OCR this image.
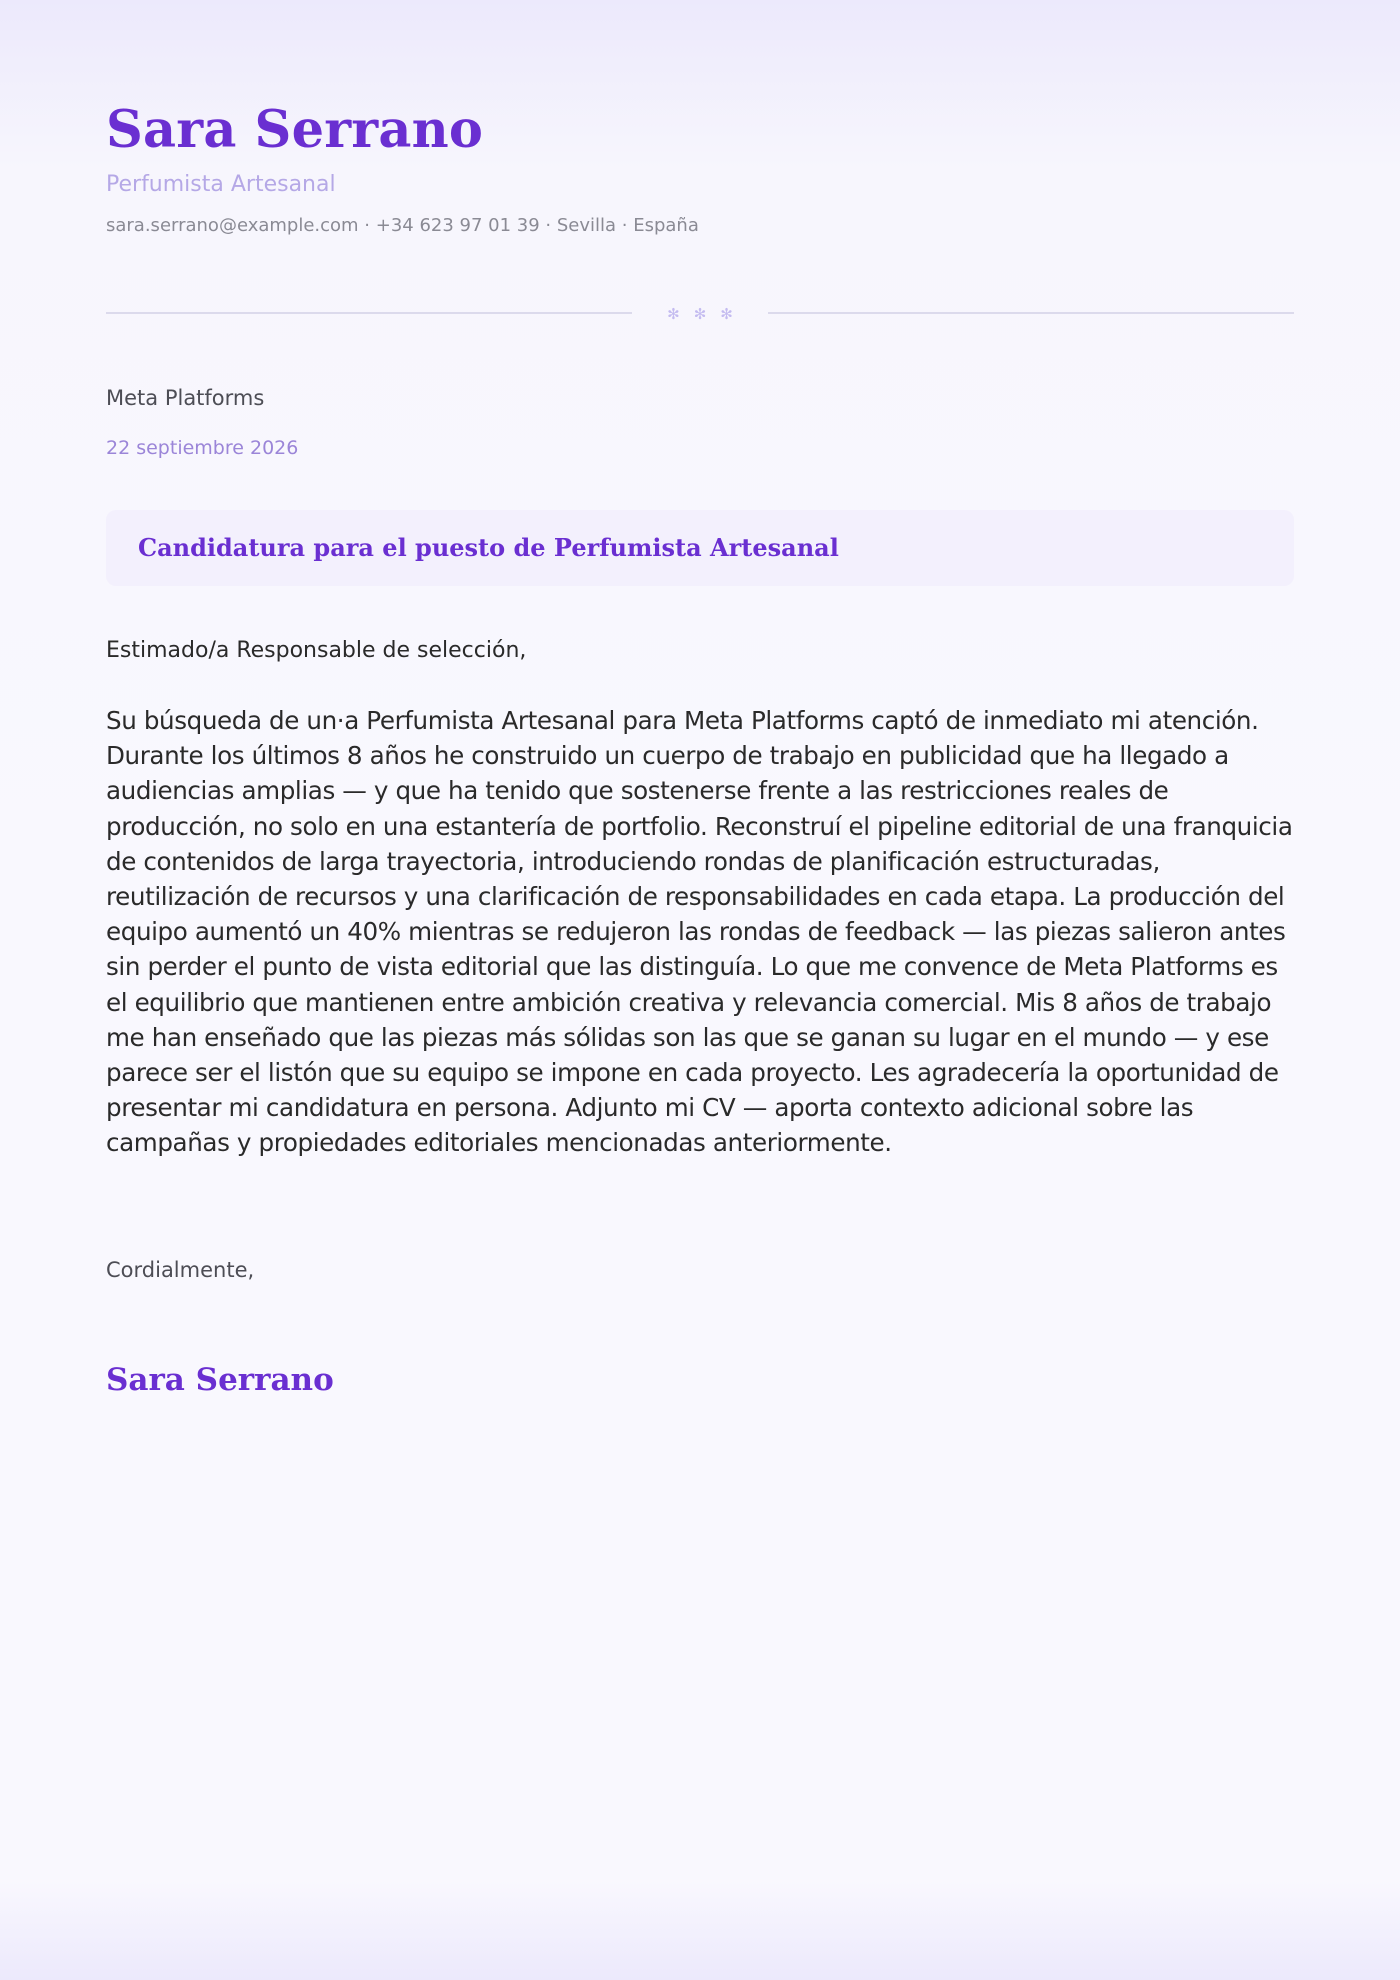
Sara Serrano
Perfumista Artesanal
sara.serrano@example.com · +34 623 97 01 39 · Sevilla · España
✻ ✻ ✻
Meta Platforms
22 septiembre 2026
Candidatura para el puesto de Perfumista Artesanal
Estimado/a Responsable de selección,

Su búsqueda de un·a Perfumista Artesanal para Meta Platforms captó de inmediato mi atención. Durante los últimos 8 años he construido un cuerpo de trabajo en publicidad que ha llegado a audiencias amplias — y que ha tenido que sostenerse frente a las restricciones reales de producción, no solo en una estantería de portfolio. Reconstruí el pipeline editorial de una franquicia de contenidos de larga trayectoria, introduciendo rondas de planificación estructuradas, reutilización de recursos y una clarificación de responsabilidades en cada etapa. La producción del equipo aumentó un 40% mientras se redujeron las rondas de feedback — las piezas salieron antes sin perder el punto de vista editorial que las distinguía. Lo que me convence de Meta Platforms es el equilibrio que mantienen entre ambición creativa y relevancia comercial. Mis 8 años de trabajo me han enseñado que las piezas más sólidas son las que se ganan su lugar en el mundo — y ese parece ser el listón que su equipo se impone en cada proyecto. Les agradecería la oportunidad de presentar mi candidatura en persona. Adjunto mi CV — aporta contexto adicional sobre las campañas y propiedades editoriales mencionadas anteriormente.

Cordialmente,
Sara Serrano
